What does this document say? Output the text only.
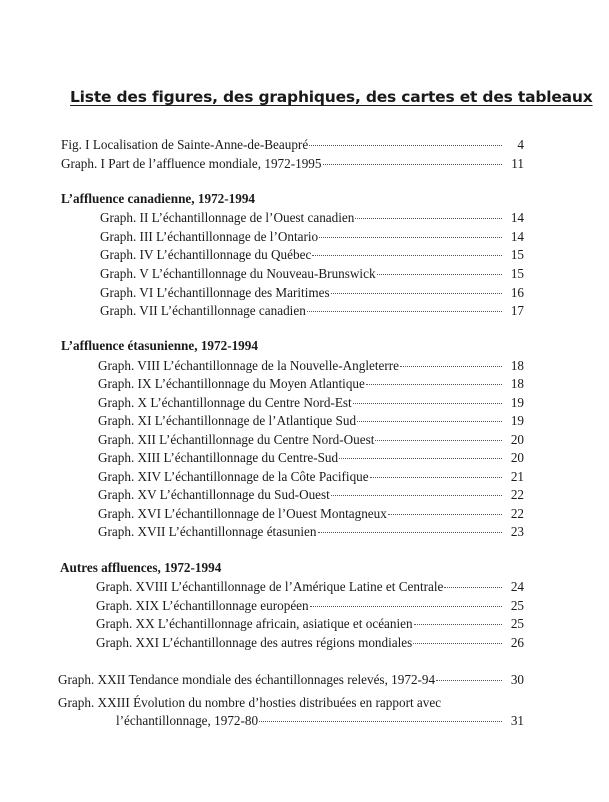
Liste des figures, des graphiques, des cartes et des tableaux
Fig. I Localisation de Sainte-Anne-de-Beaupré	4
Graph. I Part de l’affluence mondiale, 1972-1995	11
L’affluence canadienne, 1972-1994
Graph. II L’échantillonnage de l’Ouest canadien	14
Graph. III L’échantillonnage de l’Ontario	14
Graph. IV L’échantillonnage du Québec	15
Graph. V L’échantillonnage du Nouveau-Brunswick	15
Graph. VI L’échantillonnage des Maritimes	16
Graph. VII L’échantillonnage canadien	17
L’affluence étasunienne, 1972-1994
Graph. VIII L’échantillonnage de la Nouvelle-Angleterre	18
Graph. IX L’échantillonnage du Moyen Atlantique	18
Graph. X L’échantillonnage du Centre Nord-Est	19
Graph. XI L’échantillonnage de l’Atlantique Sud	19
Graph. XII L’échantillonnage du Centre Nord-Ouest	20
Graph. XIII L’échantillonnage du Centre-Sud	20
Graph. XIV L’échantillonnage de la Côte Pacifique	21
Graph. XV L’échantillonnage du Sud-Ouest	22
Graph. XVI L’échantillonnage de l’Ouest Montagneux	22
Graph. XVII L’échantillonnage étasunien	23
Autres affluences, 1972-1994
Graph. XVIII L’échantillonnage de l’Amérique Latine et Centrale	24
Graph. XIX L’échantillonnage européen	25
Graph. XX L’échantillonnage africain, asiatique et océanien	25
Graph. XXI L’échantillonnage des autres régions mondiales	26
Graph. XXII Tendance mondiale des échantillonnages relevés, 1972-94	30
Graph. XXIII Évolution du nombre d’hosties distribuées en rapport avec
l’échantillonnage, 1972-80	31
